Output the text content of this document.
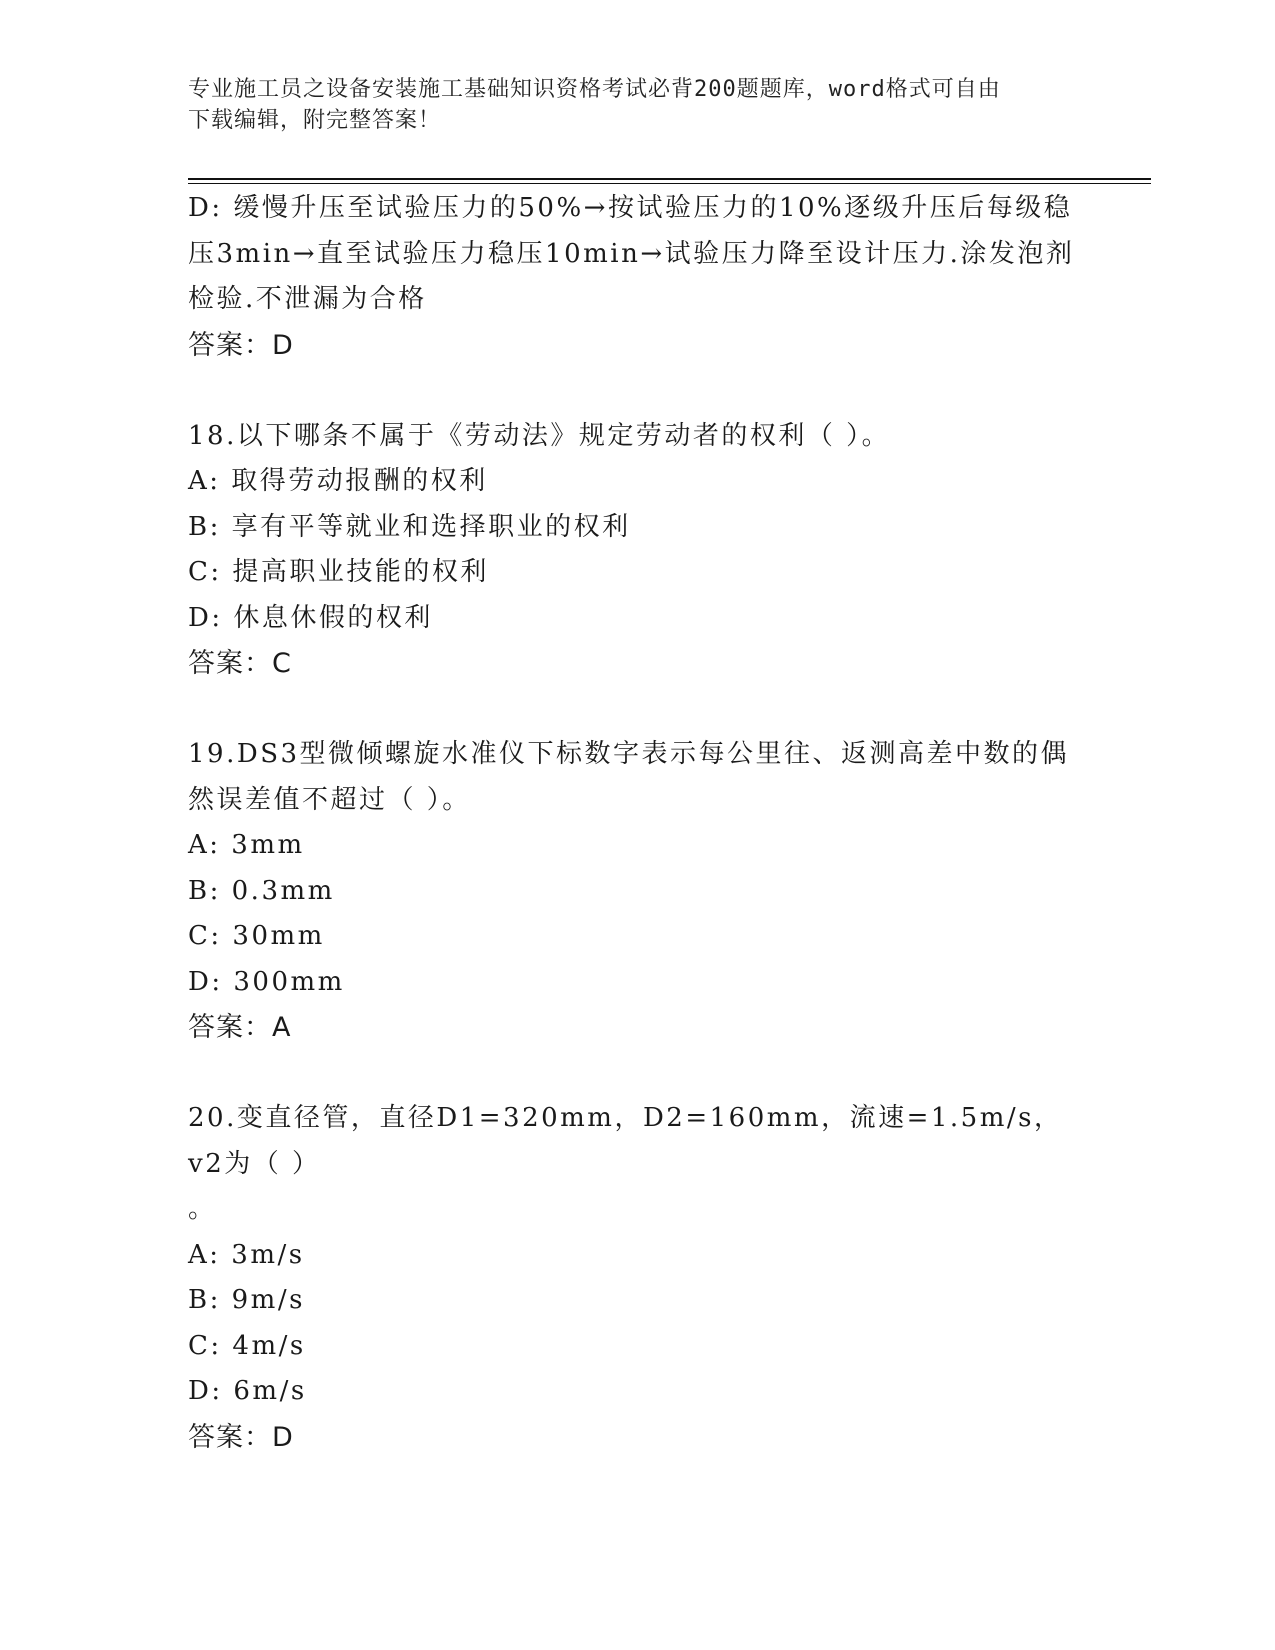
专业施工员之设备安装施工基础知识资格考试必背200题题库，word格式可自由
下载编辑，附完整答案！
D: 缓慢升压至试验压力的50%→按试验压力的10%逐级升压后每级稳
压3min→直至试验压力稳压10min→试验压力降至设计压力.涂发泡剂
检验.不泄漏为合格
答案：D
18.以下哪条不属于《劳动法》规定劳动者的权利（ ）。
A: 取得劳动报酬的权利
B: 享有平等就业和选择职业的权利
C: 提高职业技能的权利
D: 休息休假的权利
答案：C
19.DS3型微倾螺旋水准仪下标数字表示每公里往、返测高差中数的偶
然误差值不超过（ ）。
A: 3mm
B: 0.3mm
C: 30mm
D: 300mm
答案：A
20.变直径管，直径D1=320mm，D2=160mm，流速=1.5m/s，v2为（ ）
。
A: 3m/s
B: 9m/s
C: 4m/s
D: 6m/s
答案：D
